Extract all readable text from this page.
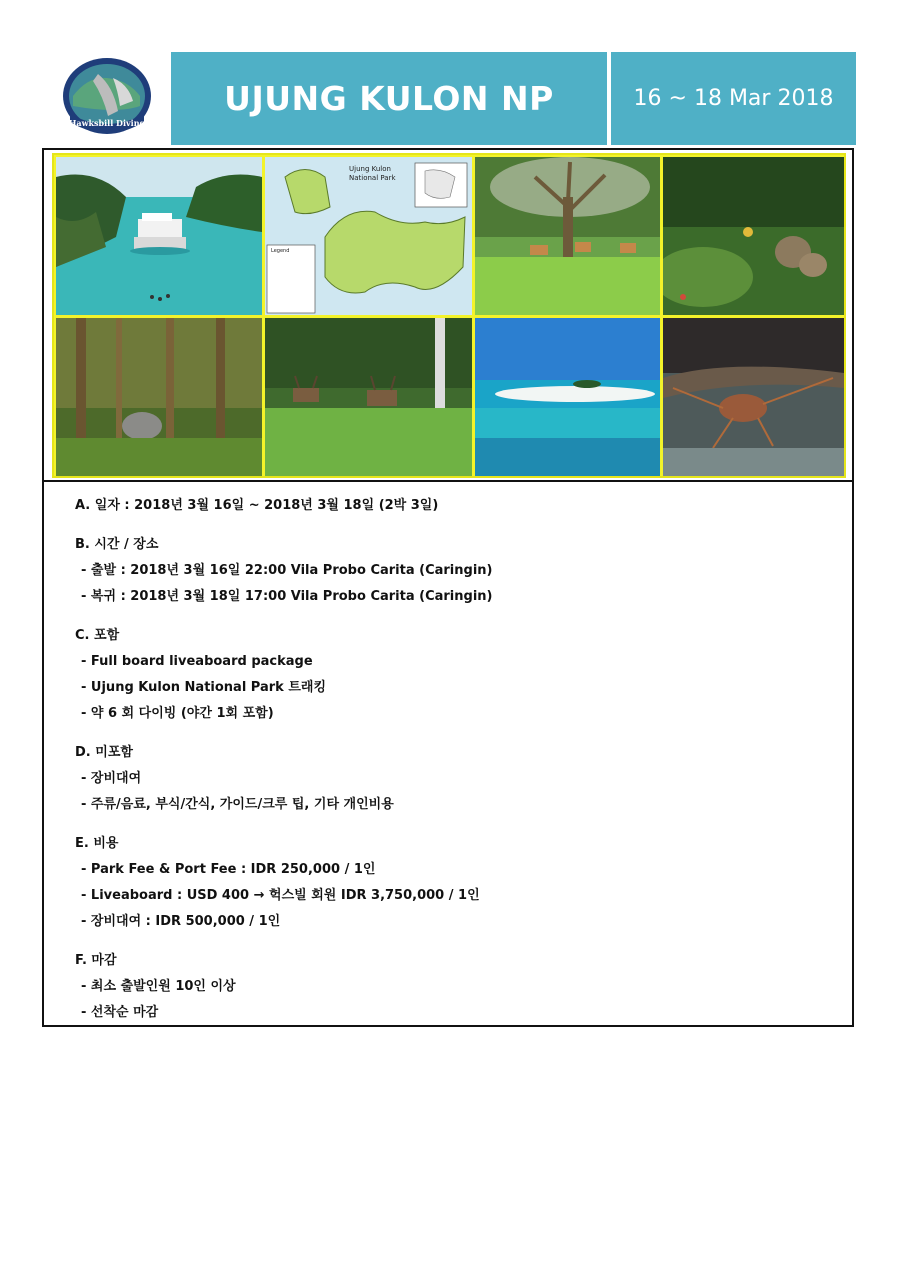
Hawksbill Diving
UJUNG KULON NP	16 ~ 18 Mar 2018
Ujung Kulon National Park
Legend

A. 일자 : 2018년 3월 16일 ~ 2018년 3월 18일 (2박 3일)

B. 시간 / 장소

- 출발 : 2018년 3월 16일 22:00 Vila Probo Carita (Caringin)

- 복귀 : 2018년 3월 18일 17:00 Vila Probo Carita (Caringin)

C. 포함

- Full board liveaboard package

- Ujung Kulon National Park 트래킹

- 약 6 회 다이빙 (야간 1회 포함)

D. 미포함

- 장비대여

- 주류/음료, 부식/간식, 가이드/크루 팁, 기타 개인비용

E. 비용

- Park Fee & Port Fee : IDR 250,000 / 1인

- Liveaboard : USD 400 → 헉스빌 회원 IDR 3,750,000 / 1인

- 장비대여 : IDR 500,000 / 1인

F. 마감

- 최소 출발인원 10인 이상

- 선착순 마감
